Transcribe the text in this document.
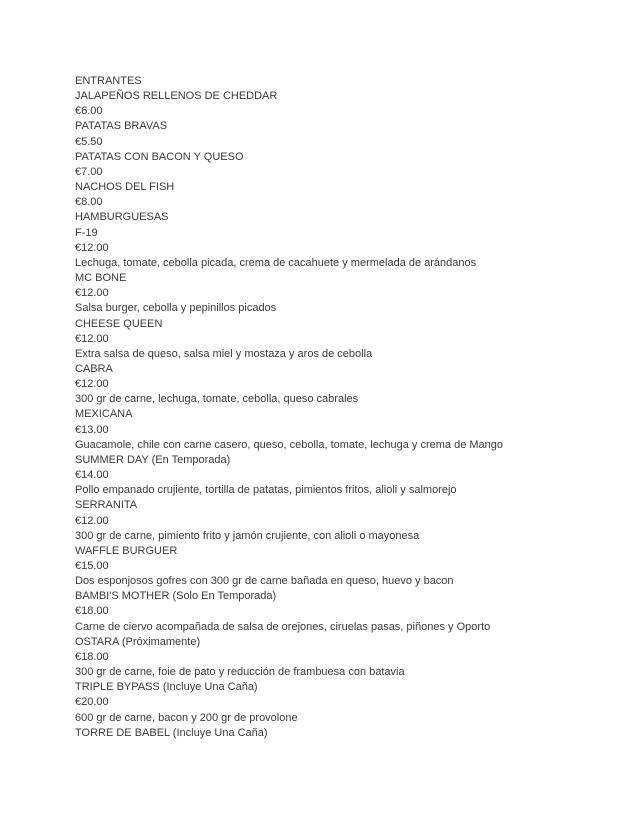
ENTRANTES

JALAPEÑOS RELLENOS DE CHEDDAR

€6.00

PATATAS BRAVAS

€5.50

PATATAS CON BACON Y QUESO

€7.00

NACHOS DEL FISH

€8.00

HAMBURGUESAS

F-19

€12.00

Lechuga, tomate, cebolla picada, crema de cacahuete y mermelada de arándanos

MC BONE

€12.00

Salsa burger, cebolla y pepinillos picados

CHEESE QUEEN

€12.00

Extra salsa de queso, salsa miel y mostaza y aros de cebolla

CABRA

€12.00

300 gr de carne, lechuga, tomate, cebolla, queso cabrales

MEXICANA

€13.00

Guacamole, chile con carne casero, queso, cebolla, tomate, lechuga y crema de Mango

SUMMER DAY (En Temporada)

€14.00

Pollo empanado crujiente, tortilla de patatas, pimientos fritos, alioli y salmorejo

SERRANITA

€12.00

300 gr de carne, pimiento frito y jamón crujiente, con alioli o mayonesa

WAFFLE BURGUER

€15.00

Dos esponjosos gofres con 300 gr de carne bañada en queso, huevo y bacon

BAMBI'S MOTHER (Solo En Temporada)

€18.00

Carne de ciervo acompañada de salsa de orejones, ciruelas pasas, piñones y Oporto

OSTARA (Próximamente)

€18.00

300 gr de carne, foie de pato y reducción de frambuesa con batavia

TRIPLE BYPASS (Incluye Una Caña)

€20.00

600 gr de carne, bacon y 200 gr de provolone

TORRE DE BABEL (Incluye Una Caña)
